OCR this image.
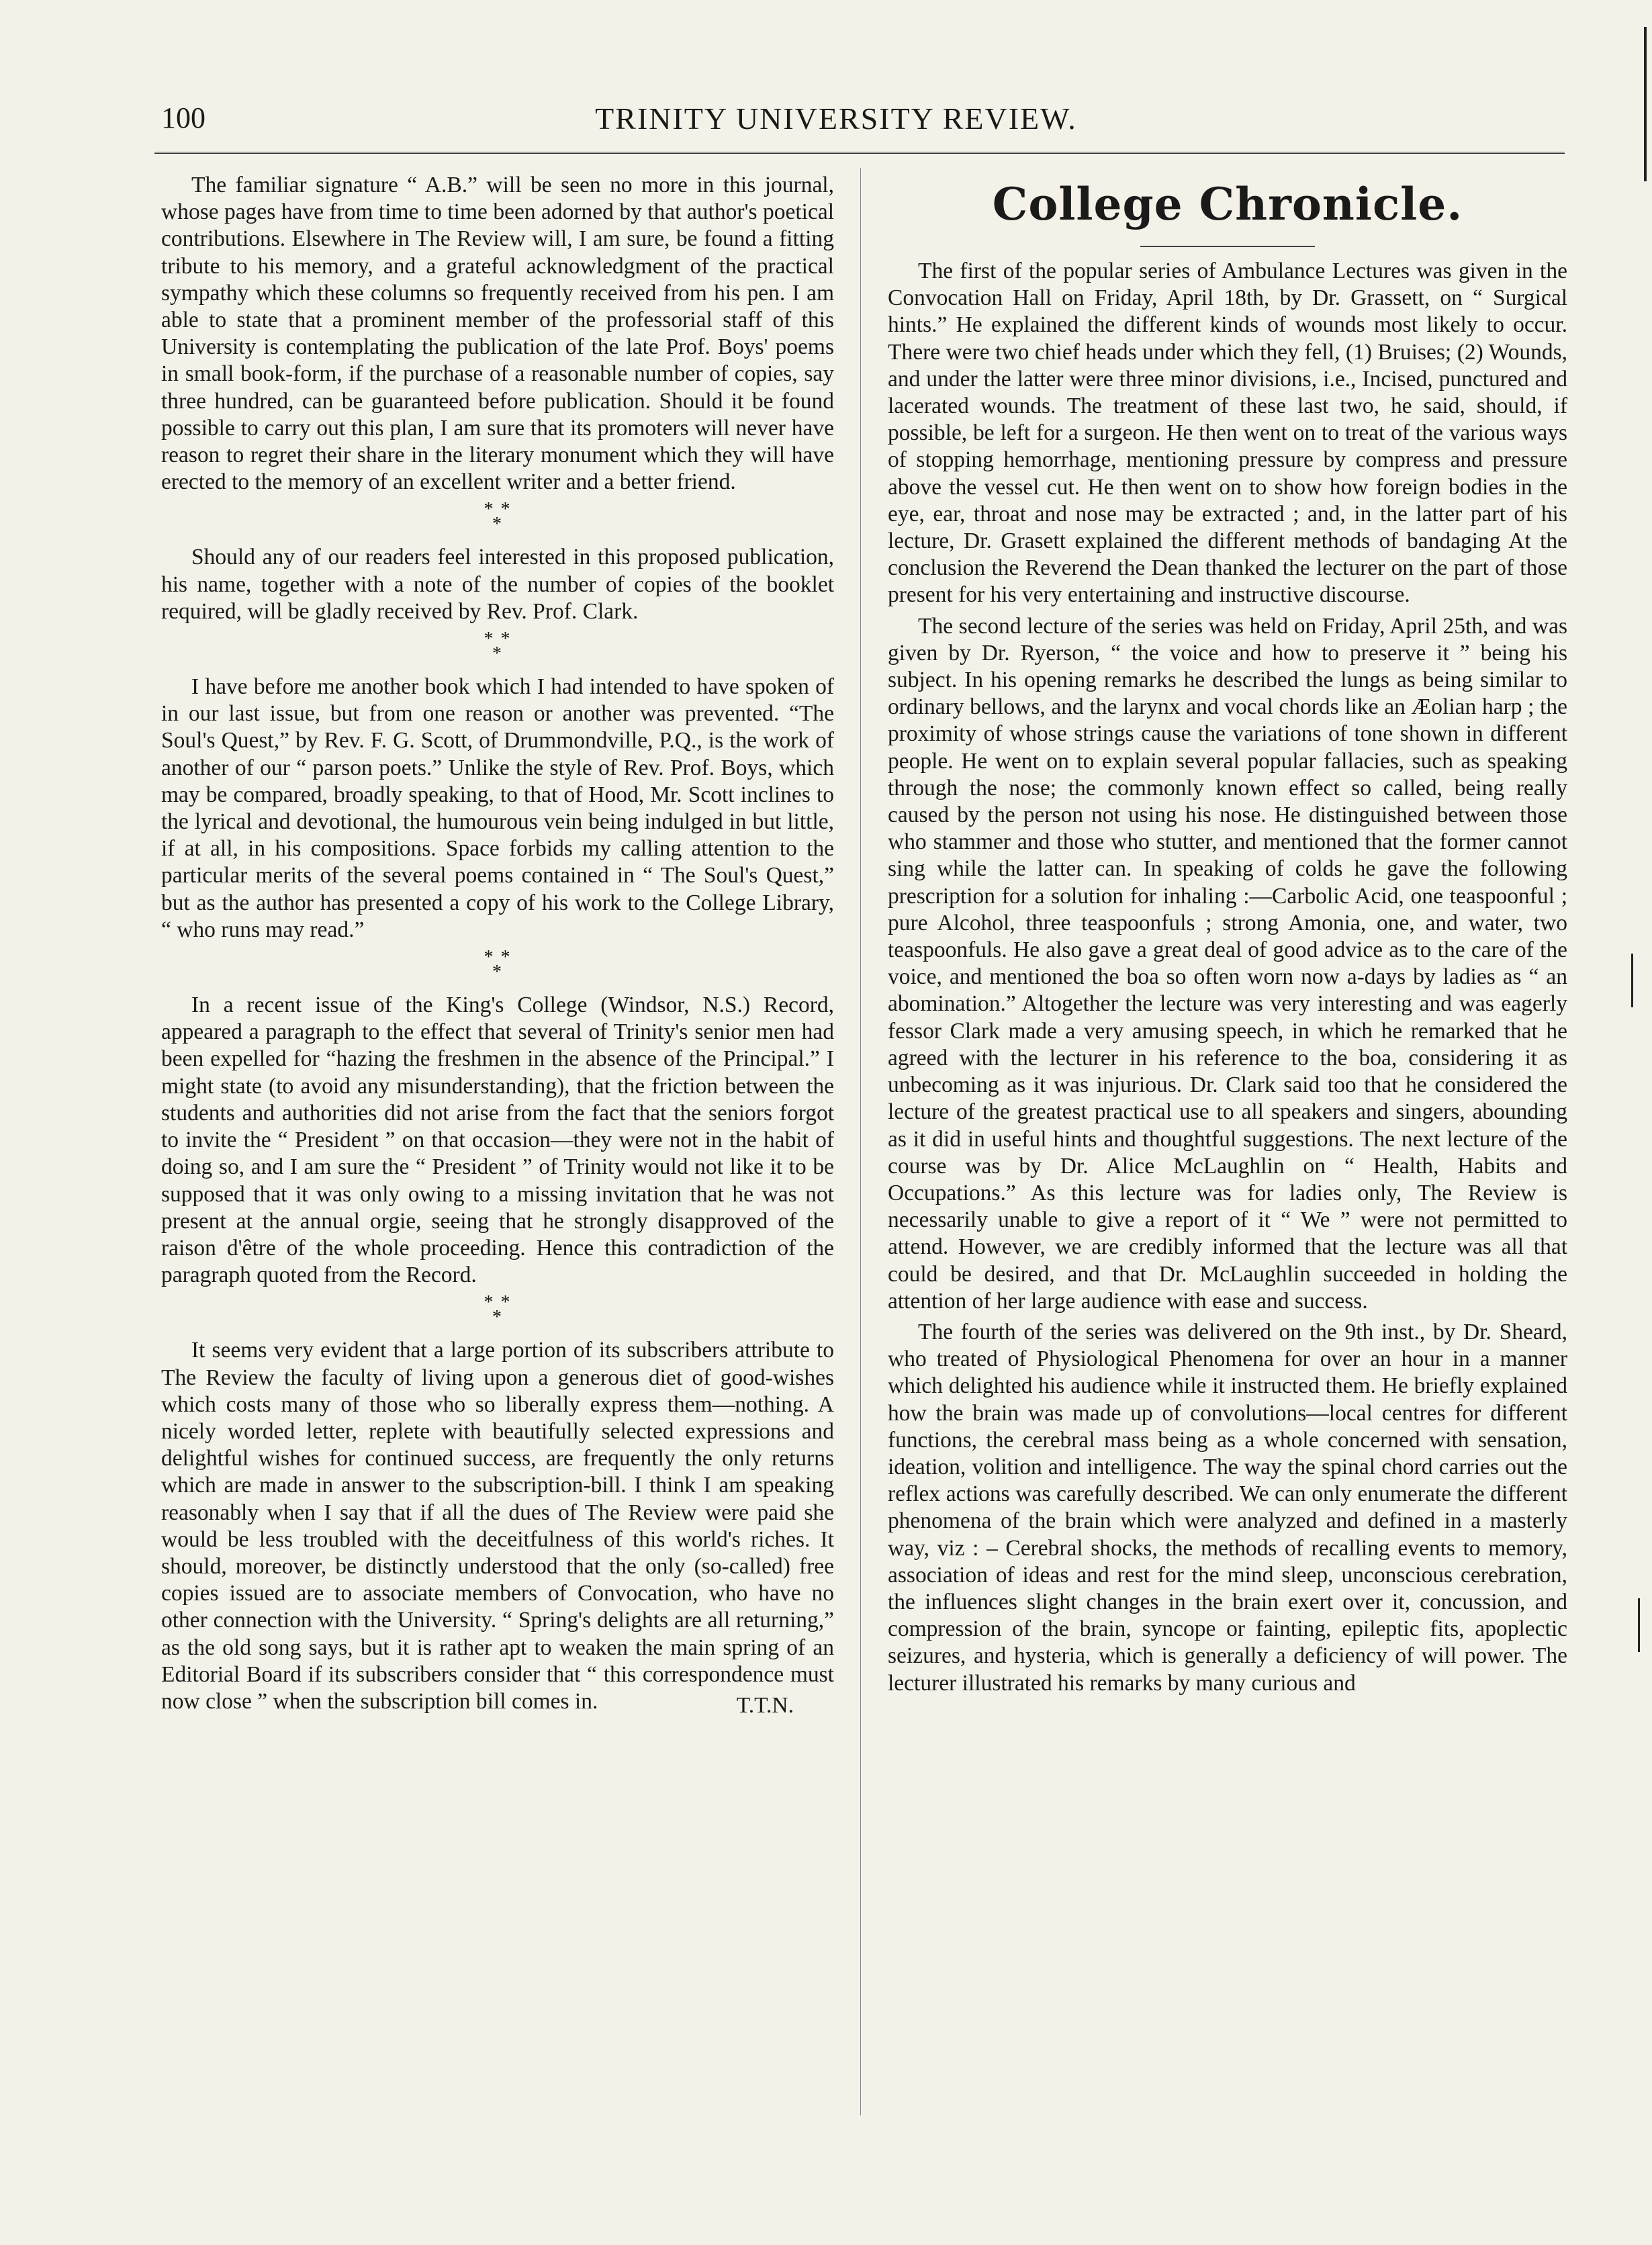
100	TRINITY UNIVERSITY REVIEW.

The familiar signature “ A.B.” will be seen no more in this journal, whose pages have from time to time been adorned by that author's poetical contributions. Elsewhere in The Review will, I am sure, be found a fitting tribute to his memory, and a grateful acknowledgment of the practical sympathy which these columns so frequently received from his pen. I am able to state that a prominent member of the professorial staff of this University is contemplating the publication of the late Prof. Boys' poems in small book-form, if the purchase of a reasonable number of copies, say three hundred, can be guaranteed before publication. Should it be found possible to carry out this plan, I am sure that its promoters will never have reason to regret their share in the literary monument which they will have erected to the memory of an excellent writer and a better friend.

* *
*

Should any of our readers feel interested in this proposed publication, his name, together with a note of the number of copies of the booklet required, will be gladly received by Rev. Prof. Clark.

* *
*

I have before me another book which I had intended to have spoken of in our last issue, but from one reason or another was prevented. “The Soul's Quest,” by Rev. F. G. Scott, of Drummondville, P.Q., is the work of another of our “ parson poets.” Unlike the style of Rev. Prof. Boys, which may be compared, broadly speaking, to that of Hood, Mr. Scott inclines to the lyrical and devotional, the humourous vein being indulged in but little, if at all, in his compositions. Space forbids my calling attention to the particular merits of the several poems contained in “ The Soul's Quest,” but as the author has presented a copy of his work to the College Library, “ who runs may read.”

* *
*

In a recent issue of the King's College (Windsor, N.S.) Record, appeared a paragraph to the effect that several of Trinity's senior men had been expelled for “hazing the freshmen in the absence of the Principal.” I might state (to avoid any misunderstanding), that the friction between the students and authorities did not arise from the fact that the seniors forgot to invite the “ President ” on that occasion—they were not in the habit of doing so, and I am sure the “ President ” of Trinity would not like it to be supposed that it was only owing to a missing invitation that he was not present at the annual orgie, seeing that he strongly disapproved of the raison d'être of the whole proceeding. Hence this contradiction of the paragraph quoted from the Record.

* *
*

It seems very evident that a large portion of its subscribers attribute to The Review the faculty of living upon a generous diet of good-wishes which costs many of those who so liberally express them—nothing. A nicely worded letter, replete with beautifully selected expressions and delightful wishes for continued success, are frequently the only returns which are made in answer to the subscription-bill. I think I am speaking reasonably when I say that if all the dues of The Review were paid she would be less troubled with the deceitfulness of this world's riches. It should, moreover, be distinctly understood that the only (so-called) free copies issued are to associate members of Convocation, who have no other connection with the University. “ Spring's delights are all returning,” as the old song says, but it is rather apt to weaken the main spring of an Editorial Board if its subscribers consider that “ this correspondence must now close ” when the subscription bill comes in.	T.T.N.
College Chronicle.

The first of the popular series of Ambulance Lectures was given in the Convocation Hall on Friday, April 18th, by Dr. Grassett, on “ Surgical hints.” He explained the different kinds of wounds most likely to occur. There were two chief heads under which they fell, (1) Bruises; (2) Wounds, and under the latter were three minor divisions, i.e., Incised, punctured and lacerated wounds. The treatment of these last two, he said, should, if possible, be left for a surgeon. He then went on to treat of the various ways of stopping hemorrhage, mentioning pressure by compress and pressure above the vessel cut. He then went on to show how foreign bodies in the eye, ear, throat and nose may be extracted ; and, in the latter part of his lecture, Dr. Grasett explained the different methods of bandaging At the conclusion the Reverend the Dean thanked the lecturer on the part of those present for his very entertaining and instructive discourse.

The second lecture of the series was held on Friday, April 25th, and was given by Dr. Ryerson, “ the voice and how to preserve it ” being his subject. In his opening remarks he described the lungs as being similar to ordinary bellows, and the larynx and vocal chords like an Æolian harp ; the proximity of whose strings cause the variations of tone shown in different people. He went on to explain several popular fallacies, such as speaking through the nose; the commonly known effect so called, being really caused by the person not using his nose. He distinguished between those who stammer and those who stutter, and mentioned that the former cannot sing while the latter can. In speaking of colds he gave the following prescription for a solution for inhaling :—Carbolic Acid, one teaspoonful ; pure Alcohol, three teaspoonfuls ; strong Amonia, one, and water, two teaspoonfuls. He also gave a great deal of good advice as to the care of the voice, and mentioned the boa so often worn now a-days by ladies as “ an abomination.” Altogether the lecture was very interesting and was eagerly fessor Clark made a very amusing speech, in which he remarked that he agreed with the lecturer in his reference to the boa, considering it as unbecoming as it was injurious. Dr. Clark said too that he considered the lecture of the greatest practical use to all speakers and singers, abounding as it did in useful hints and thoughtful suggestions. The next lecture of the course was by Dr. Alice McLaughlin on “ Health, Habits and Occupations.” As this lecture was for ladies only, The Review is necessarily unable to give a report of it “ We ” were not permitted to attend. However, we are credibly informed that the lecture was all that could be desired, and that Dr. McLaughlin succeeded in holding the attention of her large audience with ease and success.

The fourth of the series was delivered on the 9th inst., by Dr. Sheard, who treated of Physiological Phenomena for over an hour in a manner which delighted his audience while it instructed them. He briefly explained how the brain was made up of convolutions—local centres for different functions, the cerebral mass being as a whole concerned with sensation, ideation, volition and intelligence. The way the spinal chord carries out the reflex actions was carefully described. We can only enumerate the different phenomena of the brain which were analyzed and defined in a masterly way, viz : – Cerebral shocks, the methods of recalling events to memory, association of ideas and rest for the mind sleep, unconscious cerebration, the influences slight changes in the brain exert over it, concussion, and compression of the brain, syncope or fainting, epileptic fits, apoplectic seizures, and hysteria, which is generally a deficiency of will power. The lecturer illustrated his remarks by many curious and
